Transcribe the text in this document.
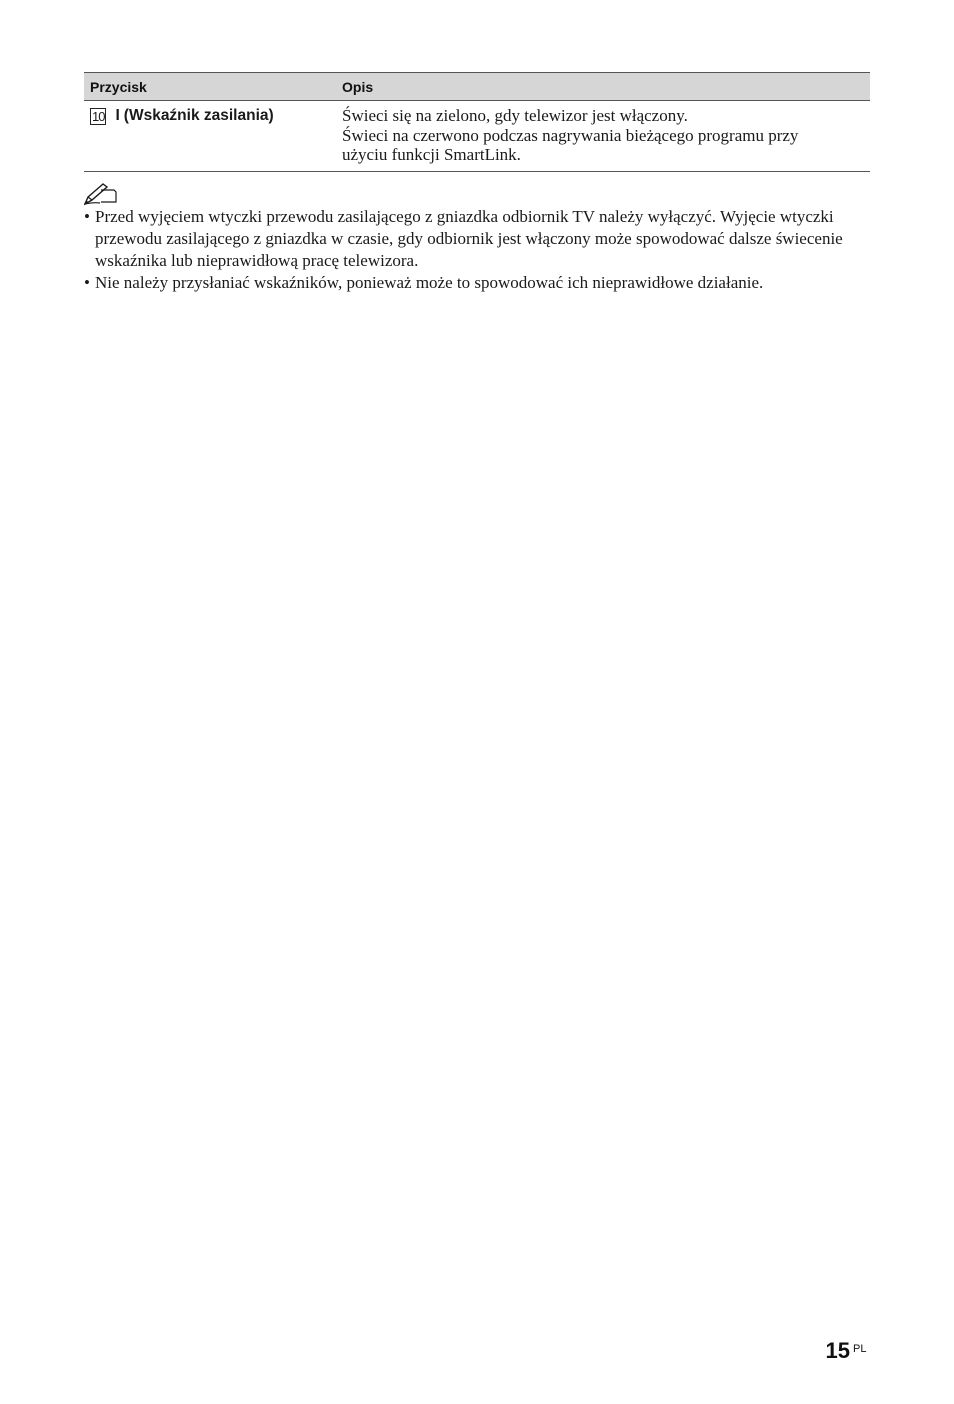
Przycisk	Opis
10 I (Wskaźnik zasilania)	Świeci się na zielono, gdy telewizor jest włączony.
Świeci na czerwono podczas nagrywania bieżącego programu przy
użyciu funkcji SmartLink.
• Przed wyjęciem wtyczki przewodu zasilającego z gniazdka odbiornik TV należy wyłączyć. Wyjęcie wtyczki przewodu zasilającego z gniazdka w czasie, gdy odbiornik jest włączony może spowodować dalsze świecenie wskaźnika lub nieprawidłową pracę telewizora.
• Nie należy przysłaniać wskaźników, ponieważ może to spowodować ich nieprawidłowe działanie.
15 PL
